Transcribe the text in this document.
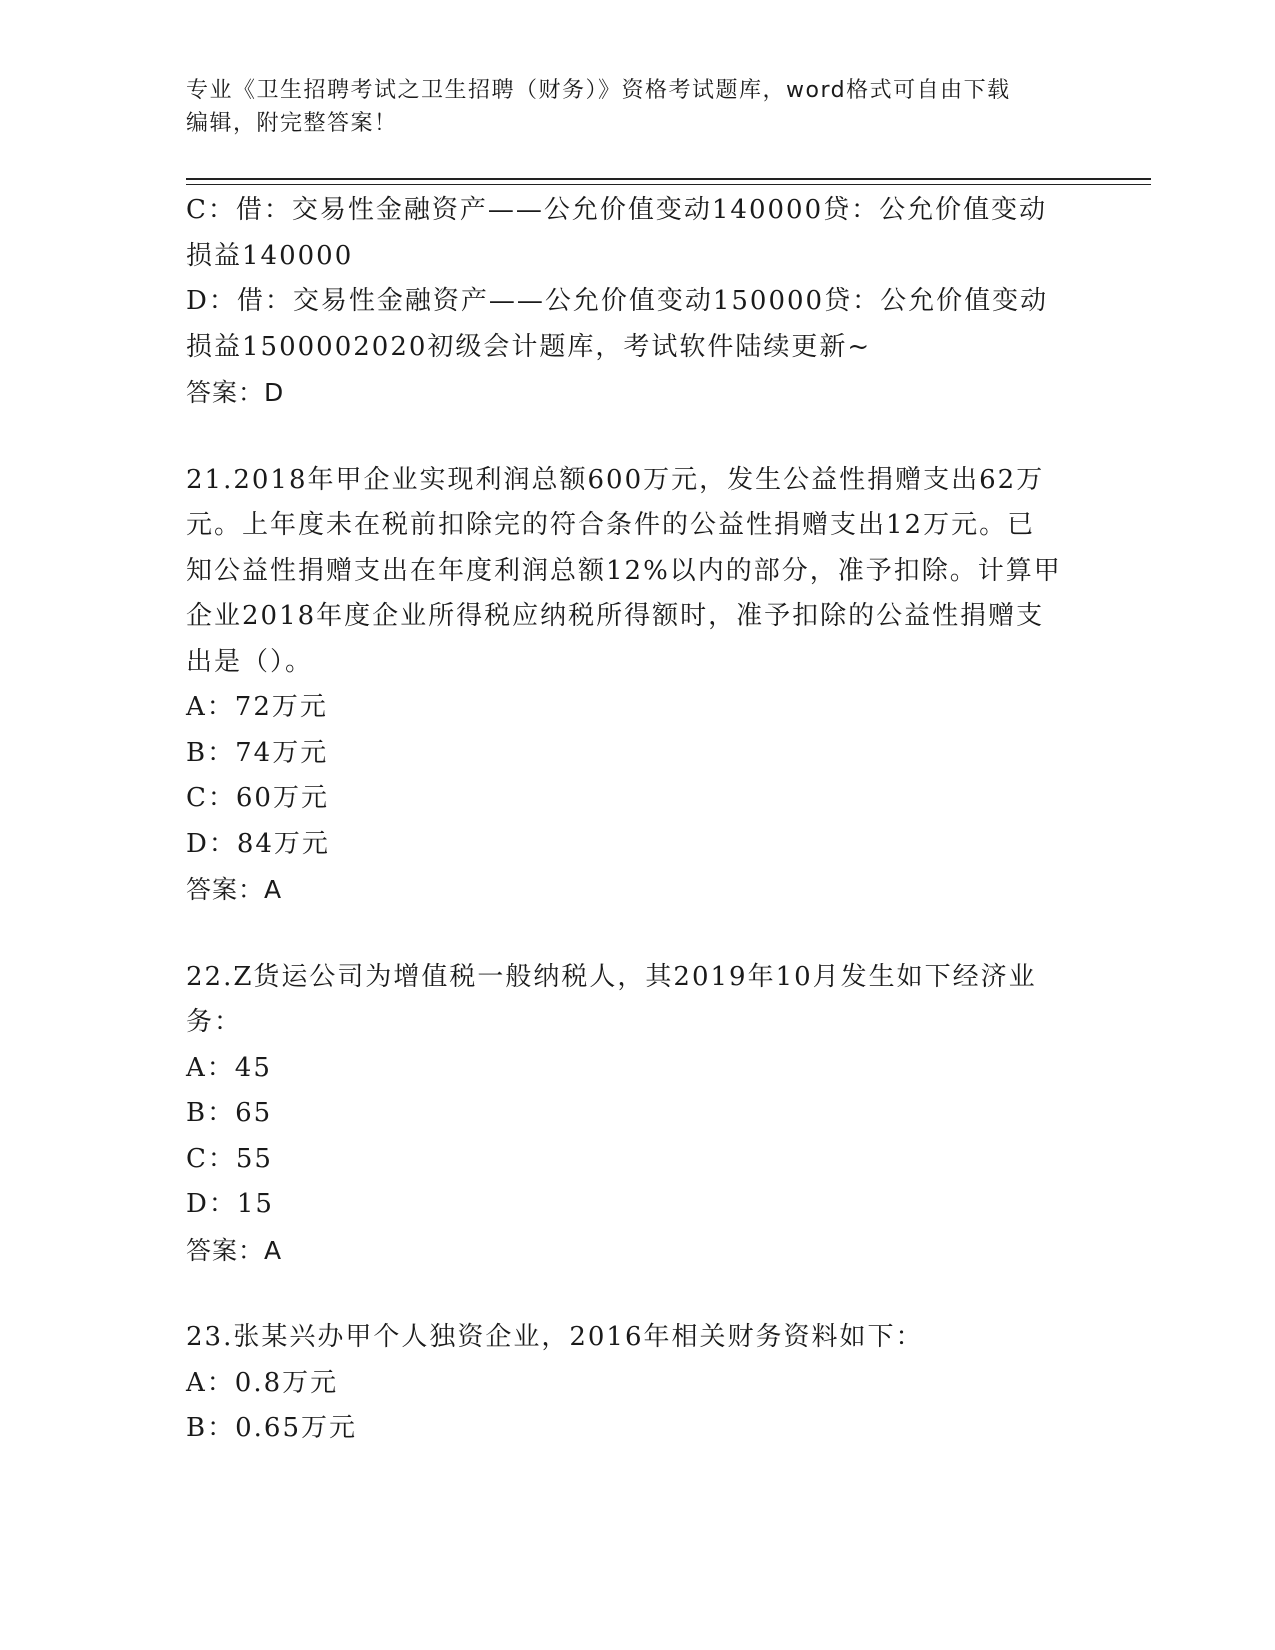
专业《卫生招聘考试之卫生招聘（财务）》资格考试题库，word格式可自由下载
编辑，附完整答案！
C：借：交易性金融资产——公允价值变动140000贷：公允价值变动
损益140000
D：借：交易性金融资产——公允价值变动150000贷：公允价值变动
损益1500002020初级会计题库，考试软件陆续更新~
答案：D
21.2018年甲企业实现利润总额600万元，发生公益性捐赠支出62万
元。上年度未在税前扣除完的符合条件的公益性捐赠支出12万元。已
知公益性捐赠支出在年度利润总额12%以内的部分，准予扣除。计算甲
企业2018年度企业所得税应纳税所得额时，准予扣除的公益性捐赠支
出是（）。
A：72万元
B：74万元
C：60万元
D：84万元
答案：A
22.Z货运公司为增值税一般纳税人，其2019年10月发生如下经济业
务：
A：45
B：65
C：55
D：15
答案：A
23.张某兴办甲个人独资企业，2016年相关财务资料如下：
A：0.8万元
B：0.65万元
